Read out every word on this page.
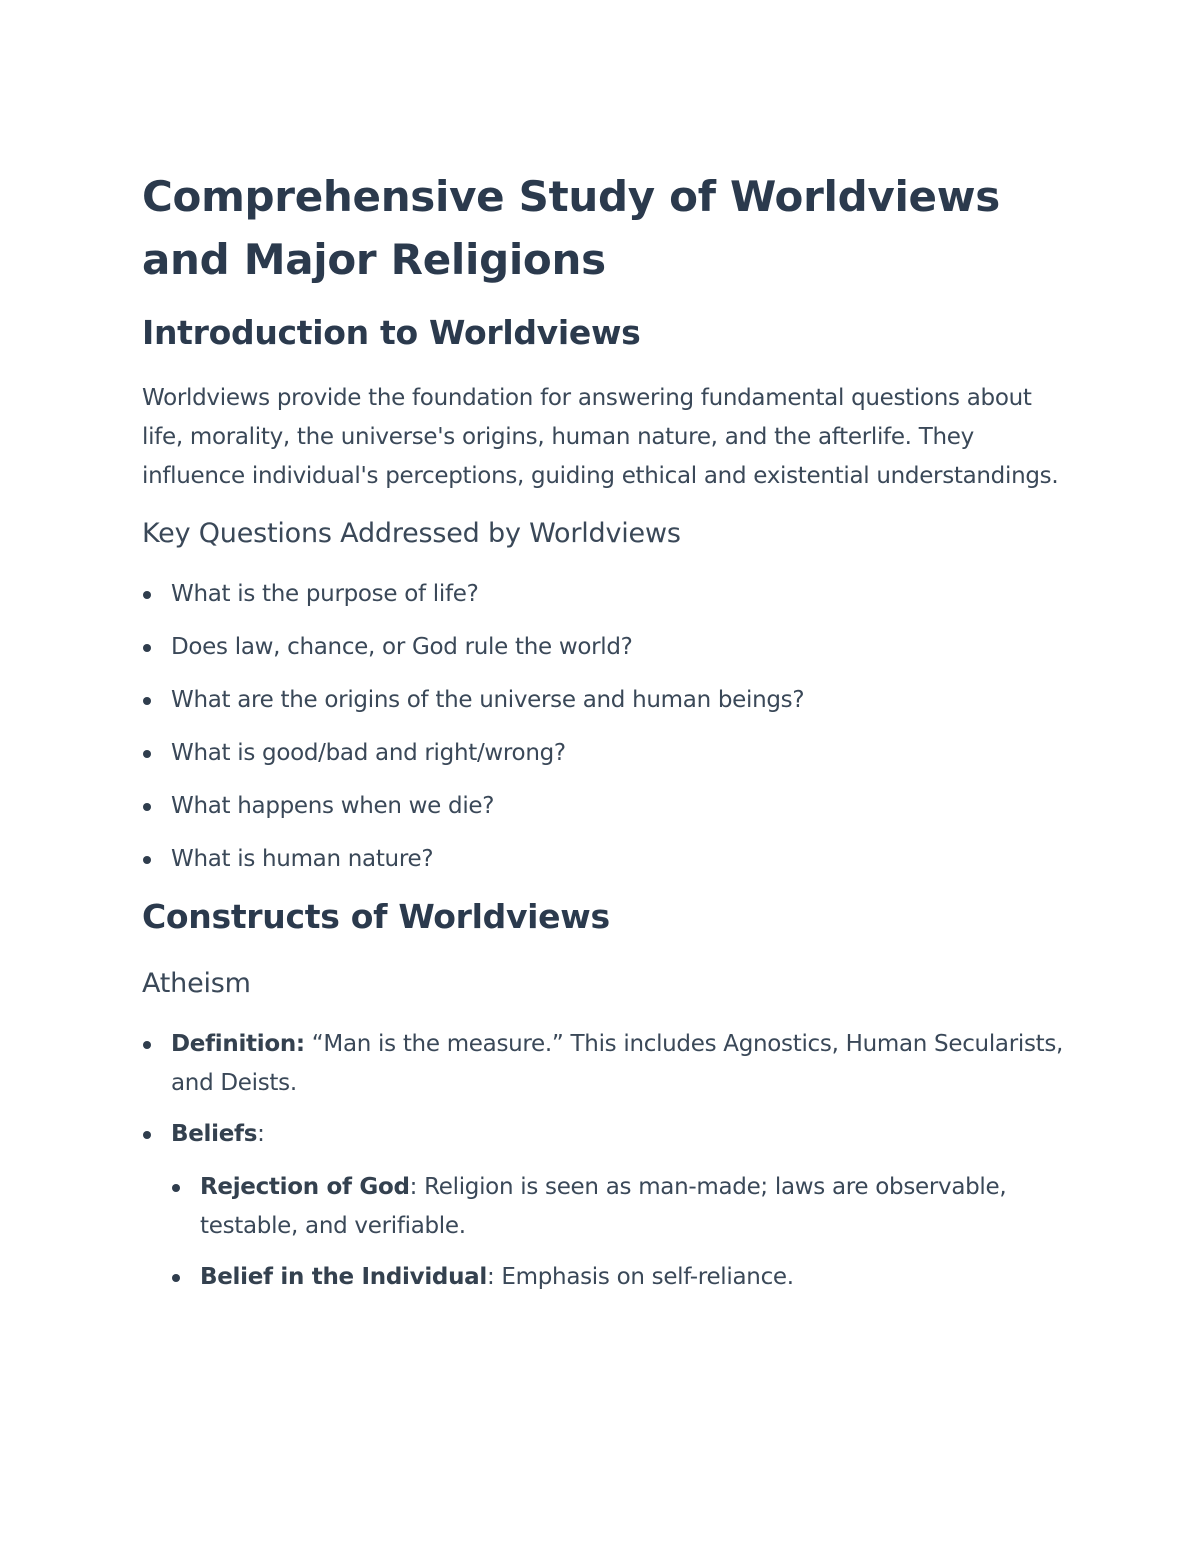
Comprehensive Study of Worldviews and Major Religions
Introduction to Worldviews

Worldviews provide the foundation for answering fundamental questions about life, morality, the universe's origins, human nature, and the afterlife. They influence individual's perceptions, guiding ethical and existential understandings.

Key Questions Addressed by Worldviews
What is the purpose of life?
Does law, chance, or God rule the world?
What are the origins of the universe and human beings?
What is good/bad and right/wrong?
What happens when we die?
What is human nature?
Constructs of Worldviews
Atheism
Definition: “Man is the measure.” This includes Agnostics, Human Secularists, and Deists.
Beliefs:
Rejection of God: Religion is seen as man-made; laws are observable, testable, and verifiable.
Belief in the Individual: Emphasis on self-reliance.
